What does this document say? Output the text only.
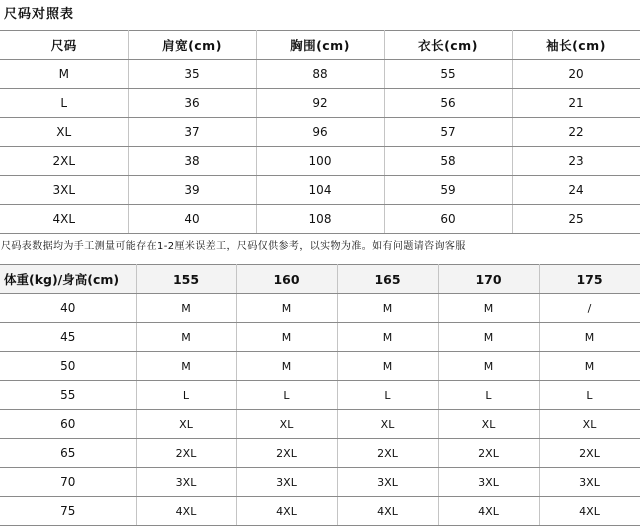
尺码对照表
尺码	肩宽(cm)	胸围(cm)	衣长(cm)	袖长(cm)
M	35	88	55	20
L	36	92	56	21
XL	37	96	57	22
2XL	38	100	58	23
3XL	39	104	59	24
4XL	40	108	60	25
尺码表数据均为手工测量可能存在1-2厘米误差工，尺码仅供参考，以实物为准。如有问题请咨询客服
体重(kg)/身高(cm)	155	160	165	170	175
40	M	M	M	M	/
45	M	M	M	M	M
50	M	M	M	M	M
55	L	L	L	L	L
60	XL	XL	XL	XL	XL
65	2XL	2XL	2XL	2XL	2XL
70	3XL	3XL	3XL	3XL	3XL
75	4XL	4XL	4XL	4XL	4XL
